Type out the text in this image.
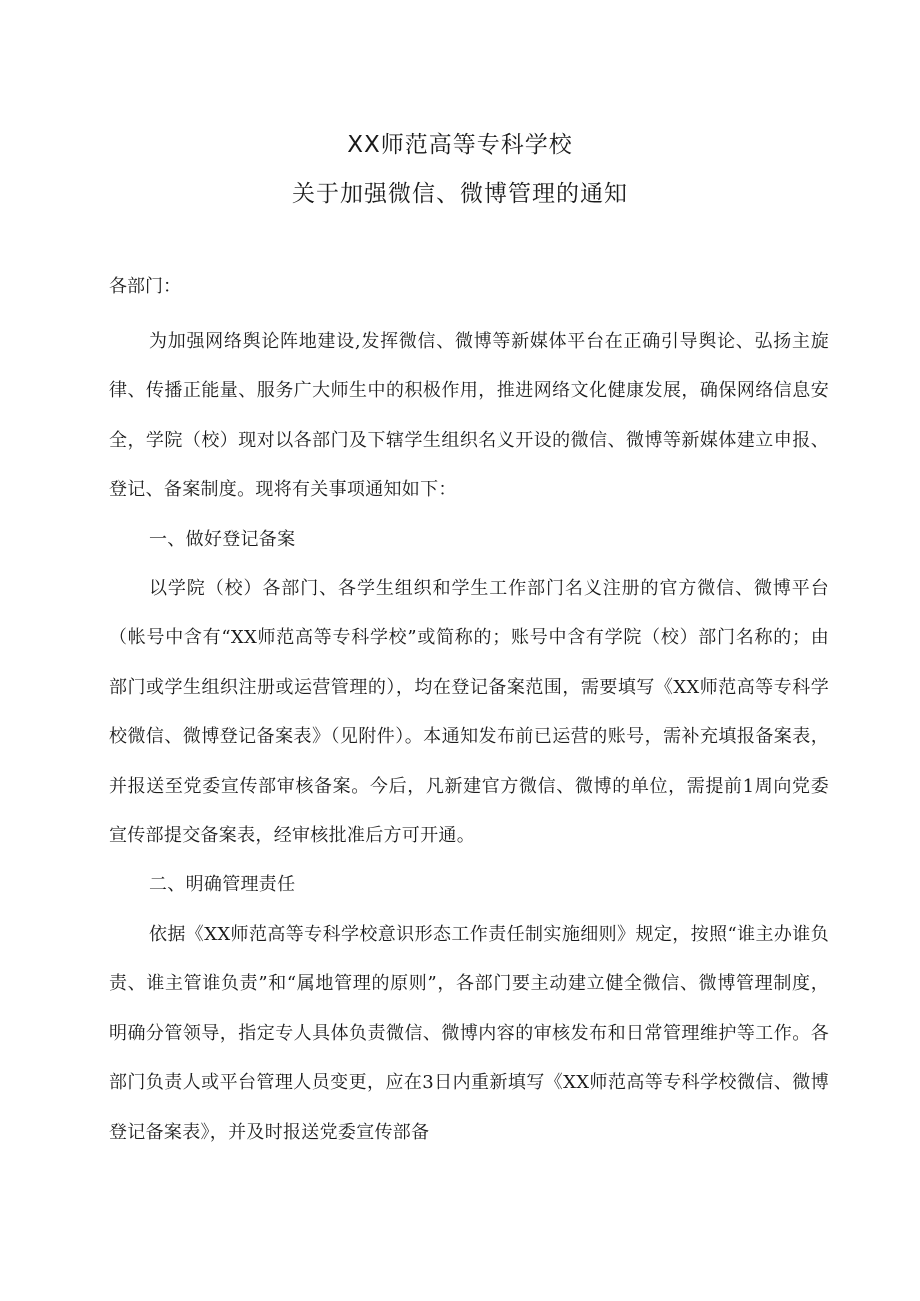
XX师范高等专科学校
关于加强微信、微博管理的通知
各部门：

为加强网络舆论阵地建设,发挥微信、微博等新媒体平台在正确引导舆论、弘扬主旋律、传播正能量、服务广大师生中的积极作用，推进网络文化健康发展，确保网络信息安全，学院（校）现对以各部门及下辖学生组织名义开设的微信、微博等新媒体建立申报、登记、备案制度。现将有关事项通知如下：

一、做好登记备案

以学院（校）各部门、各学生组织和学生工作部门名义注册的官方微信、微博平台（帐号中含有“XX师范高等专科学校”或简称的；账号中含有学院（校）部门名称的；由部门或学生组织注册或运营管理的），均在登记备案范围，需要填写《XX师范高等专科学校微信、微博登记备案表》（见附件）。本通知发布前已运营的账号，需补充填报备案表，并报送至党委宣传部审核备案。今后，凡新建官方微信、微博的单位，需提前1周向党委宣传部提交备案表，经审核批准后方可开通。

二、明确管理责任

依据《XX师范高等专科学校意识形态工作责任制实施细则》规定，按照“谁主办谁负责、谁主管谁负责”和“属地管理的原则”，各部门要主动建立健全微信、微博管理制度，明确分管领导，指定专人具体负责微信、微博内容的审核发布和日常管理维护等工作。各部门负责人或平台管理人员变更，应在3日内重新填写《XX师范高等专科学校微信、微博登记备案表》，并及时报送党委宣传部备
